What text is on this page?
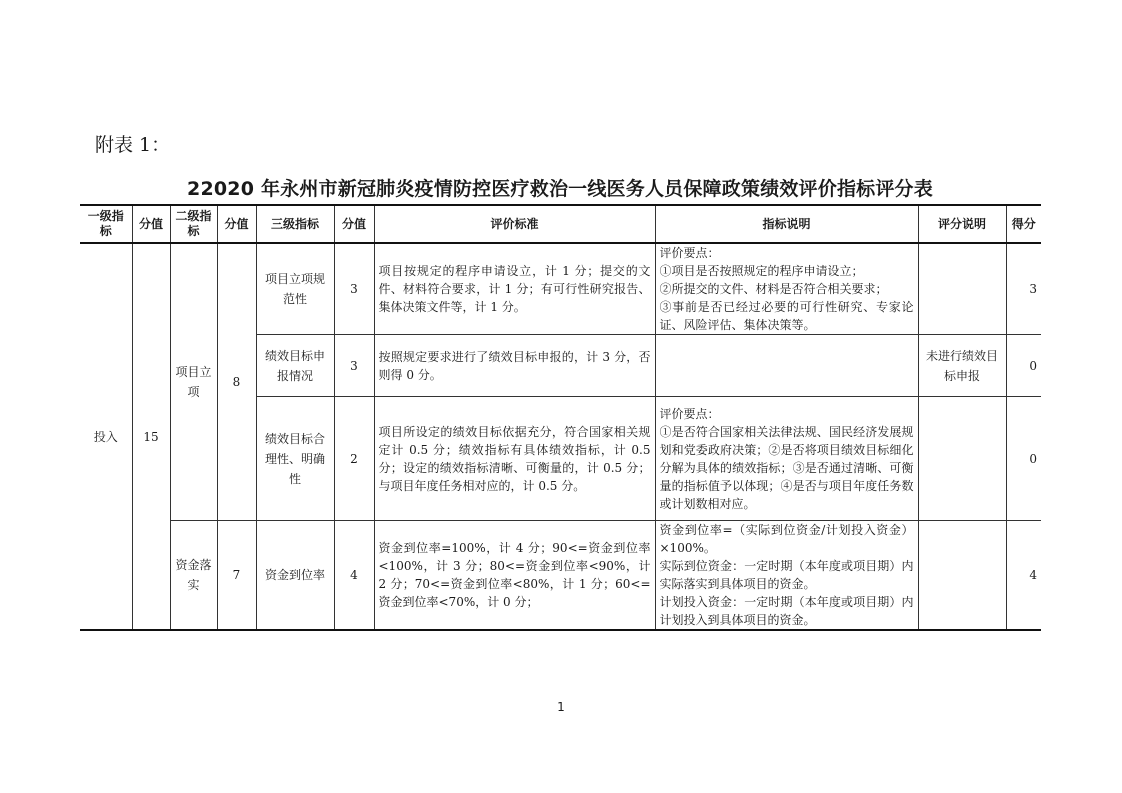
附表 1：
22020 年永州市新冠肺炎疫情防控医疗救治一线医务人员保障政策绩效评价指标评分表
一级指标	分值	二级指标	分值	三级指标	分值	评价标准	指标说明	评分说明	得分
投入	15	项目立项	8	项目立项规范性	3	项目按规定的程序申请设立，计 1 分；提交的文件、材料符合要求，计 1 分；有可行性研究报告、集体决策文件等，计 1 分。	评价要点：
①项目是否按照规定的程序申请设立；
②所提交的文件、材料是否符合相关要求；
③事前是否已经过必要的可行性研究、专家论证、风险评估、集体决策等。		3
				绩效目标申报情况	3	按照规定要求进行了绩效目标申报的，计 3 分，否则得 0 分。		未进行绩效目标申报	0
				绩效目标合理性、明确性	2	项目所设定的绩效目标依据充分，符合国家相关规定计 0.5 分；绩效指标有具体绩效指标，计 0.5 分；设定的绩效指标清晰、可衡量的，计 0.5 分；与项目年度任务相对应的，计 0.5 分。	评价要点：
①是否符合国家相关法律法规、国民经济发展规划和党委政府决策；②是否将项目绩效目标细化分解为具体的绩效指标；③是否通过清晰、可衡量的指标值予以体现；④是否与项目年度任务数或计划数相对应。		0
		资金落实	7	资金到位率	4	资金到位率=100%，计 4 分；90<=资金到位率<100%，计 3 分；80<=资金到位率<90%，计 2 分；70<=资金到位率<80%，计 1 分；60<=资金到位率<70%，计 0 分；	资金到位率=（实际到位资金/计划投入资金）×100%。
实际到位资金：一定时期（本年度或项目期）内实际落实到具体项目的资金。
计划投入资金：一定时期（本年度或项目期）内计划投入到具体项目的资金。		4
1
